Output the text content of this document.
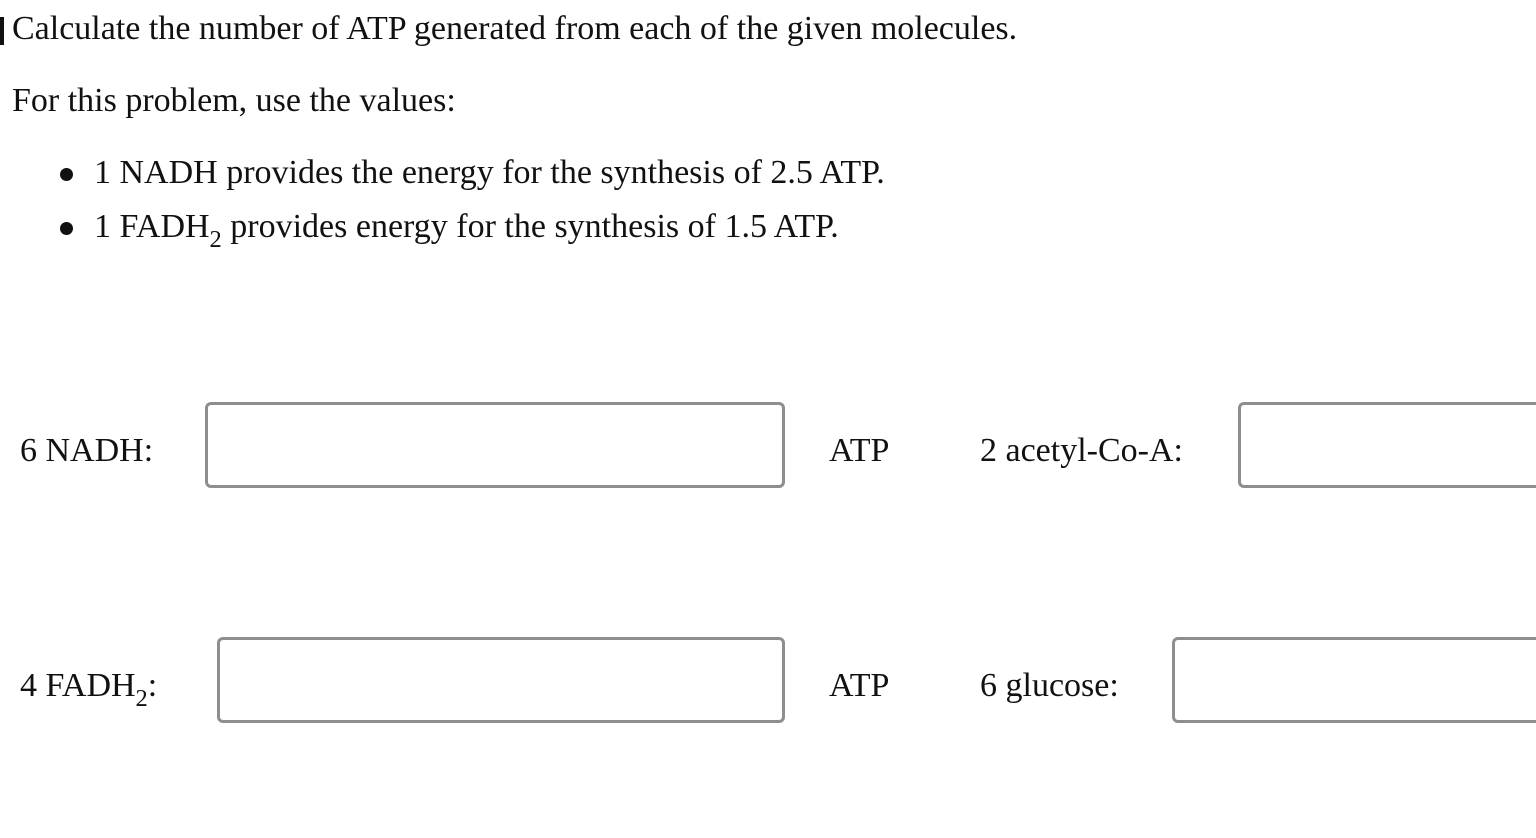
Calculate the number of ATP generated from each of the given molecules.
For this problem, use the values:
1 NADH provides the energy for the synthesis of 2.5 ATP.
1 $FADH_2$ provides energy for the synthesis of 1.5 ATP.
6 NADH:	ATP	2 acetyl-Co-A:
4 $FADH_2$:	ATP	6 glucose:
